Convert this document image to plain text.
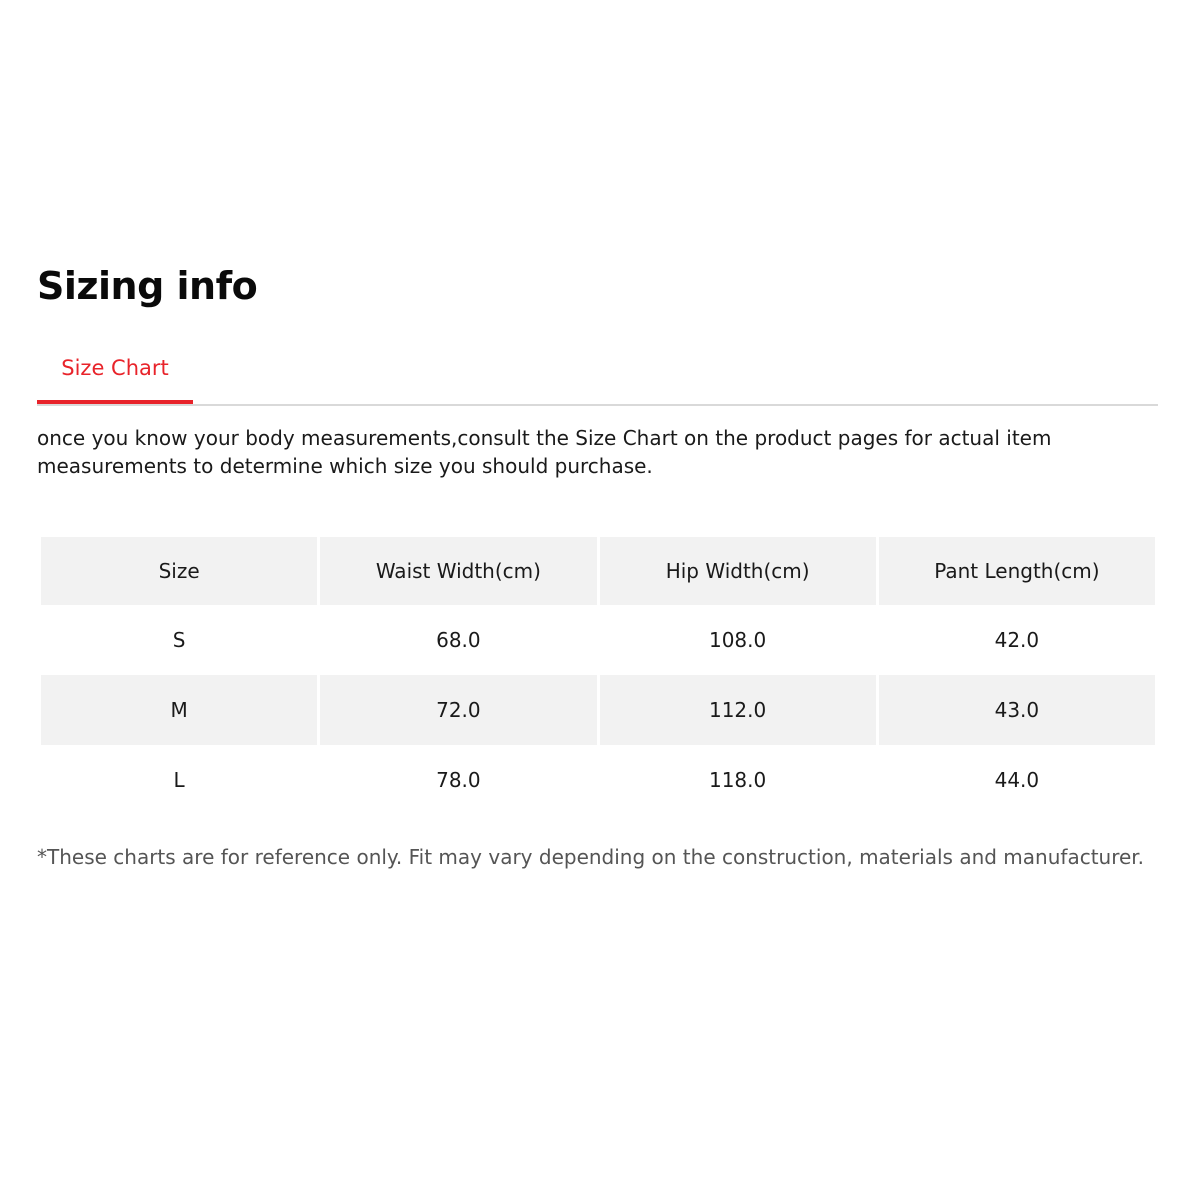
Sizing info
Size Chart

once you know your body measurements,consult the Size Chart on the product pages for actual item measurements to determine which size you should purchase.

Size	Waist Width(cm)	Hip Width(cm)	Pant Length(cm)
S	68.0	108.0	42.0
M	72.0	112.0	43.0
L	78.0	118.0	44.0

*These charts are for reference only. Fit may vary depending on the construction, materials and manufacturer.
